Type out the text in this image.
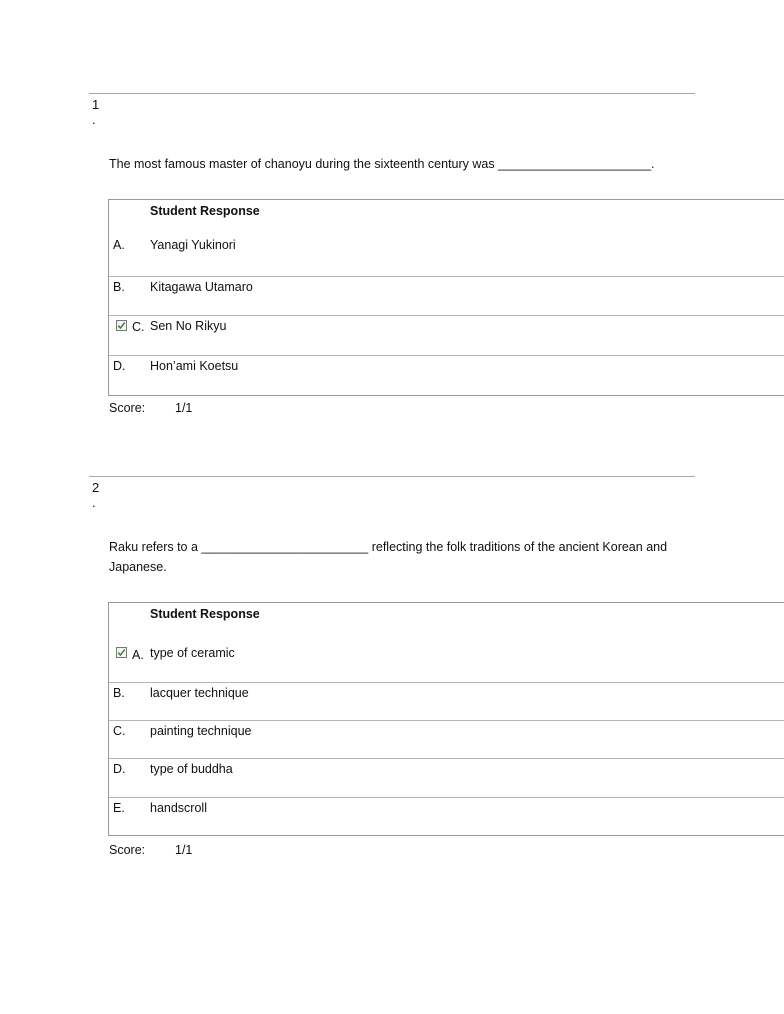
1
.
The most famous master of chanoyu during the sixteenth century was ______________________.
Student Response
A. Yanagi Yukinori
B. Kitagawa Utamaro
C. Sen No Rikyu
D. Hon’ami Koetsu
Score: 1/1
2
.
Raku refers to a ________________________ reflecting the folk traditions of the ancient Korean and Japanese.
Student Response
A. type of ceramic
B. lacquer technique
C. painting technique
D. type of buddha
E. handscroll
Score: 1/1
